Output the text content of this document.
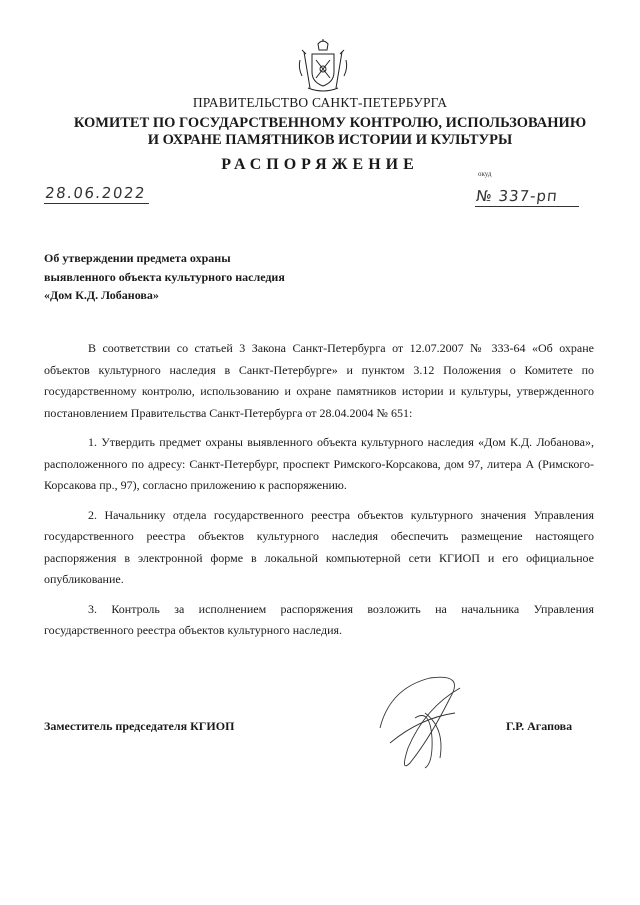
ПРАВИТЕЛЬСТВО САНКТ-ПЕТЕРБУРГА
КОМИТЕТ ПО ГОСУДАРСТВЕННОМУ КОНТРОЛЮ, ИСПОЛЬЗОВАНИЮ
И ОХРАНЕ ПАМЯТНИКОВ ИСТОРИИ И КУЛЬТУРЫ
РАСПОРЯЖЕНИЕ
окуд
28.06.2022	№ 337-рп
Об утверждении предмета охраны
выявленного объекта культурного наследия
«Дом К.Д. Лобанова»

В соответствии со статьей 3 Закона Санкт-Петербурга от 12.07.2007 № 333-64 «Об охране объектов культурного наследия в Санкт-Петербурге» и пунктом 3.12 Положения о Комитете по государственному контролю, использованию и охране памятников истории и культуры, утвержденного постановлением Правительства Санкт-Петербурга от 28.04.2004 № 651:

1. Утвердить предмет охраны выявленного объекта культурного наследия «Дом К.Д. Лобанова», расположенного по адресу: Санкт-Петербург, проспект Римского-Корсакова, дом 97, литера А (Римского-Корсакова пр., 97), согласно приложению к распоряжению.

2. Начальнику отдела государственного реестра объектов культурного значения Управления государственного реестра объектов культурного наследия обеспечить размещение настоящего распоряжения в электронной форме в локальной компьютерной сети КГИОП и его официальное опубликование.

3. Контроль за исполнением распоряжения возложить на начальника Управления государственного реестра объектов культурного наследия.

Заместитель председателя КГИОП	Г.Р. Агапова
